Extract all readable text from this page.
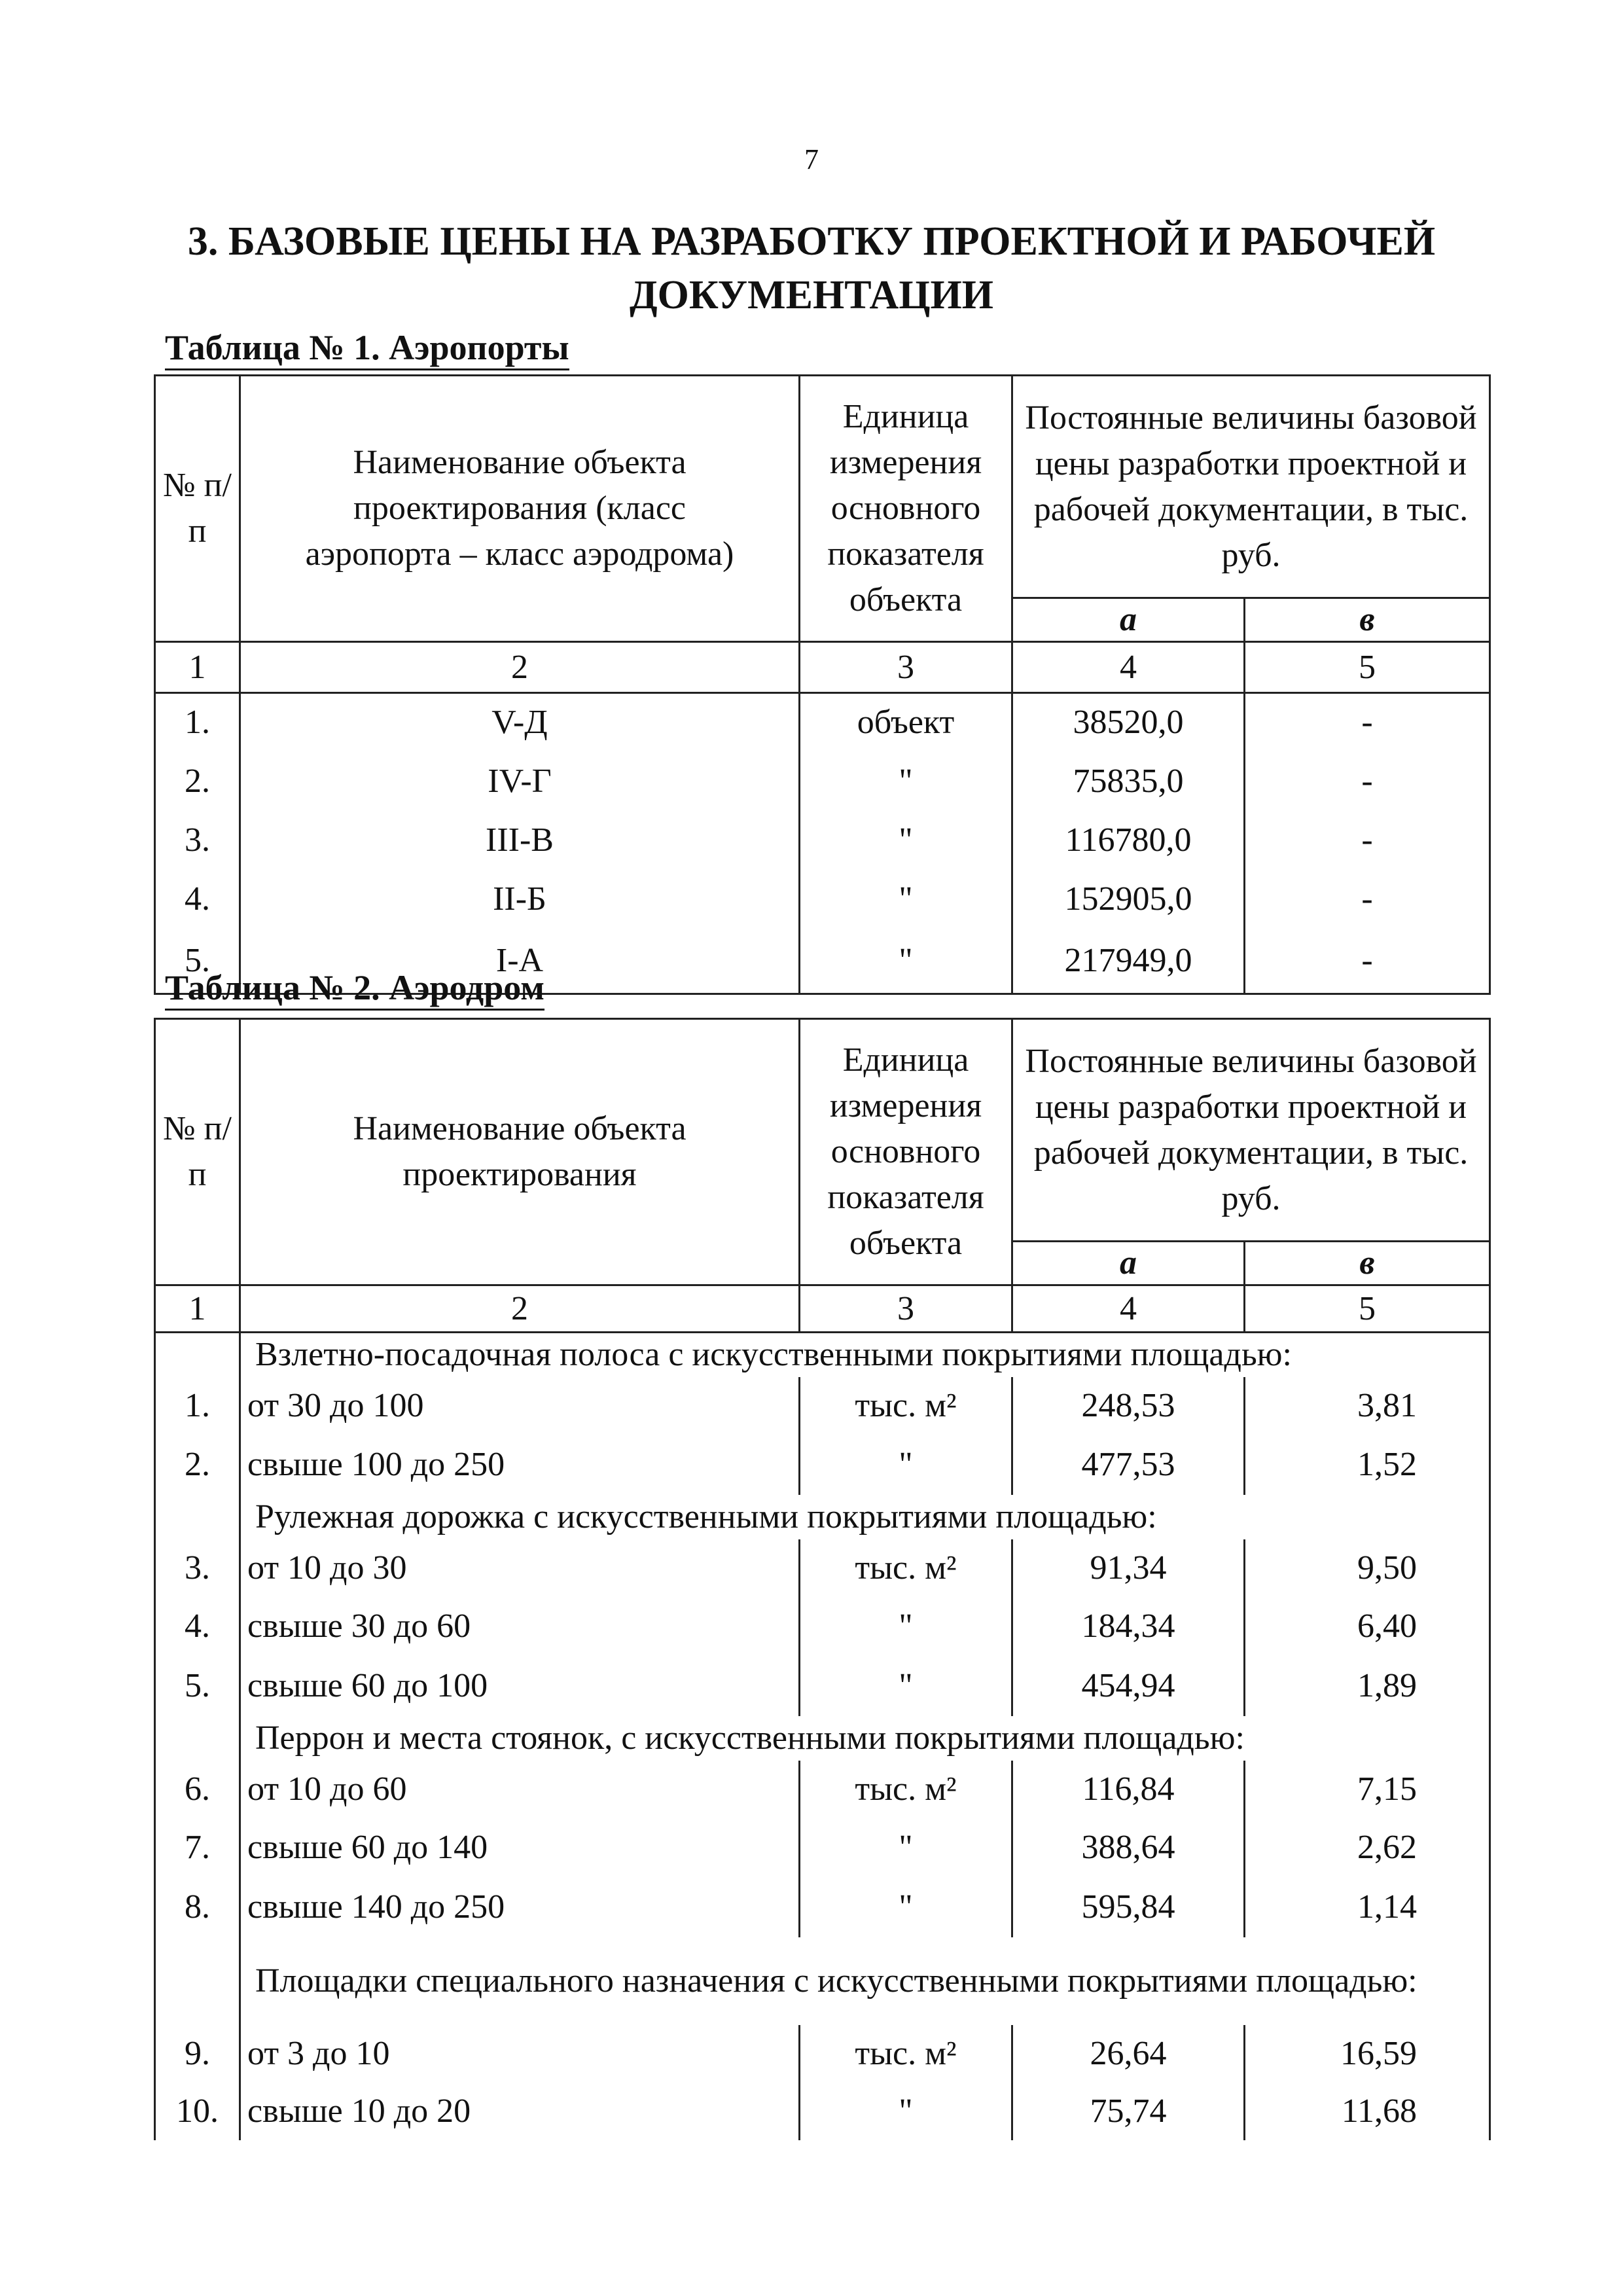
7
3. БАЗОВЫЕ ЦЕНЫ НА РАЗРАБОТКУ ПРОЕКТНОЙ И РАБОЧЕЙ
ДОКУМЕНТАЦИИ
Таблица № 1. Аэропорты
№ п/п	Наименование объекта проектирования (класс аэропорта – класс аэродрома)	Единица измерения основного показателя объекта	Постоянные величины базовой цены разработки проектной и рабочей документации, в тыс. руб.	
			а	в
1	2	3	4	5
1.	V-Д	объект	38520,0	-
2.	IV-Г	"	75835,0	-
3.	III-В	"	116780,0	-
4.	II-Б	"	152905,0	-
5.	I-А	"	217949,0	-
Таблица № 2. Аэродром
№ п/п	Наименование объекта проектирования	Единица измерения основного показателя объекта	Постоянные величины базовой цены разработки проектной и рабочей документации, в тыс. руб.	
			а	в
1	2	3	4	5
	Взлетно-посадочная полоса с искусственными покрытиями площадью:			
1.	от 30 до 100	тыс. м²	248,53	3,81
2.	свыше 100 до 250	"	477,53	1,52
	Рулежная дорожка с искусственными покрытиями площадью:			
3.	от 10 до 30	тыс. м²	91,34	9,50
4.	свыше 30 до 60	"	184,34	6,40
5.	свыше 60 до 100	"	454,94	1,89
	Перрон и места стоянок, с искусственными покрытиями площадью:			
6.	от 10 до 60	тыс. м²	116,84	7,15
7.	свыше 60 до 140	"	388,64	2,62
8.	свыше 140 до 250	"	595,84	1,14
	Площадки специального назначения с искусственными покрытиями площадью:			
9.	от 3 до 10	тыс. м²	26,64	16,59
10.	свыше 10 до 20	"	75,74	11,68
